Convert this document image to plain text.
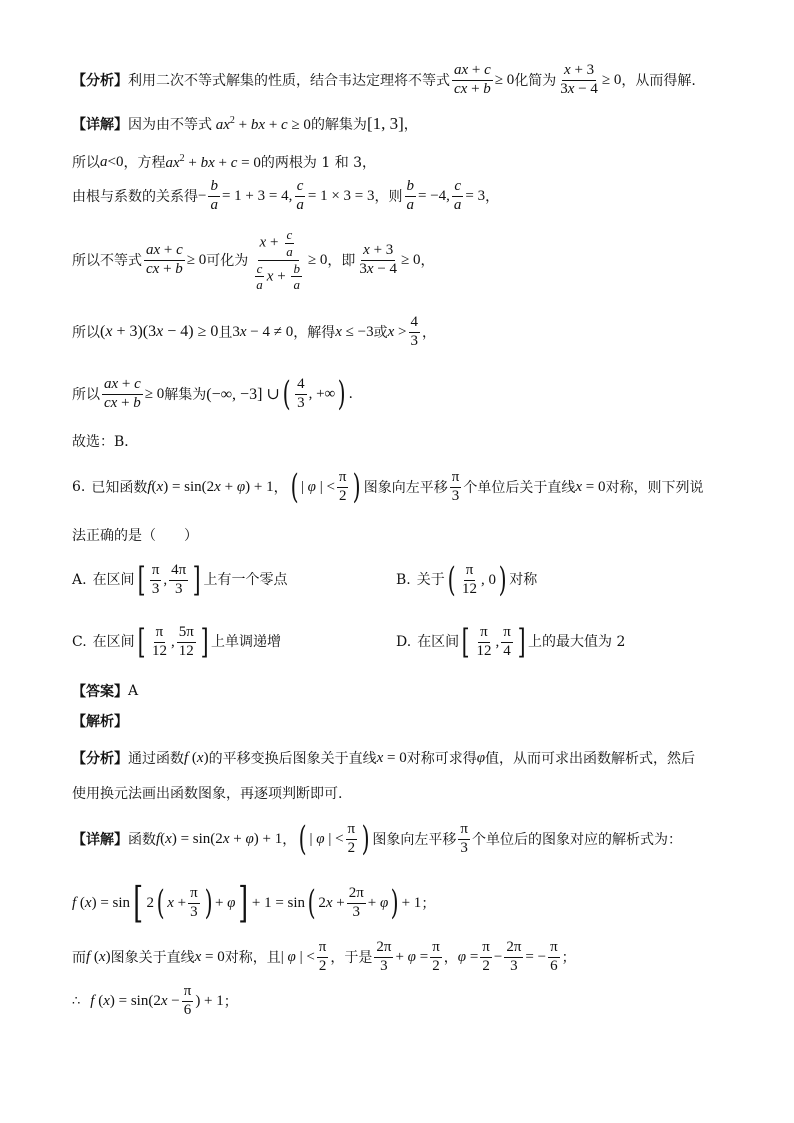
【分析】 利用二次不等式解集的性质，结合韦达定理将不等式 $\frac{ax + c}{cx + b} \ge 0$ 化简为 $\frac{x + 3}{3x - 4} \ge 0$ ，从而得解.
【详解】 因为由不等式 $ax^2$ + bx + c ≥ 0 的解集为 [1, 3] ，
所以 a<0 ，方程 $ax^2$ + bx + c = 0 的两根为 1 和 3，
由根与系数的关系得 − $\frac{b}{a} = 1 + 3 = 4$, $\frac{c}{a} = 1 \times 3 = 3$ ，则 $\frac{b}{a} = -4$, $\frac{c}{a} = 3$ ，
所以不等式 $\frac{ax + c}{cx + b} \ge 0$ 可化为 $\frac{x + \frac{c}{a}}{\frac{c}{a} x + \frac{b}{a}} \ge 0$ ，即 $\frac{x + 3}{3x - 4} \ge 0$ ，
所以 (x + 3)(3x − 4) ≥ 0 且 3x − 4 ≠ 0 ，解得 x ≤ −3 或 $x > \frac{4}{3}$ ，
所以 $\frac{ax + c}{cx + b} \ge 0$ 解集为 (−∞, −3] ∪ ( $\frac{4}{3}$ , +∞ ) .
故选：B．
6. 已知函数 f(x) = sin(2x + φ) + 1 ， ( | φ | < $\frac{\pi}{2}$ ) 图象向左平移 $\frac{\pi}{3}$ 个单位后关于直线 x = 0 对称，则下列说
法正确的是（　　）
A. 在区间 [ $\frac{\pi}{3}$ , $\frac{4\pi}{3}$ ] 上有一个零点	B. 关于 ( $\frac{\pi}{12}$ , 0 ) 对称
C. 在区间 [ $\frac{\pi}{12}$ , $\frac{5\pi}{12}$ ] 上单调递增	D. 在区间 [ $\frac{\pi}{12}$ , $\frac{\pi}{4}$ ] 上的最大值为 2
【答案】 A
【解析】
【分析】 通过函数 f (x) 的平移变换后图象关于直线 x = 0 对称可求得 φ 值，从而可求出函数解析式，然后
使用换元法画出函数图象，再逐项判断即可.
【详解】 函数 f(x) = sin(2x + φ) + 1 ， ( | φ | < $\frac{\pi}{2}$ ) 图象向左平移 $\frac{\pi}{3}$ 个单位后的图象对应的解析式为：
f (x) = sin [ 2 ( $x + \frac{\pi}{3}$ ) + φ ] + 1 = sin ( $2x + \frac{2\pi}{3} + \varphi$ ) + 1 ；
而 f (x) 图象关于直线 x = 0 对称，且 | φ | < $\frac{\pi}{2}$ ，于是 $\frac{2\pi}{3} + \varphi = \frac{\pi}{2}$ ， $\varphi = \frac{\pi}{2} - \frac{2\pi}{3}$ = − $\frac{\pi}{6}$ ；
∴ f $(x) = \sin(2x - \frac{\pi}{6}$ ) + 1 ；
